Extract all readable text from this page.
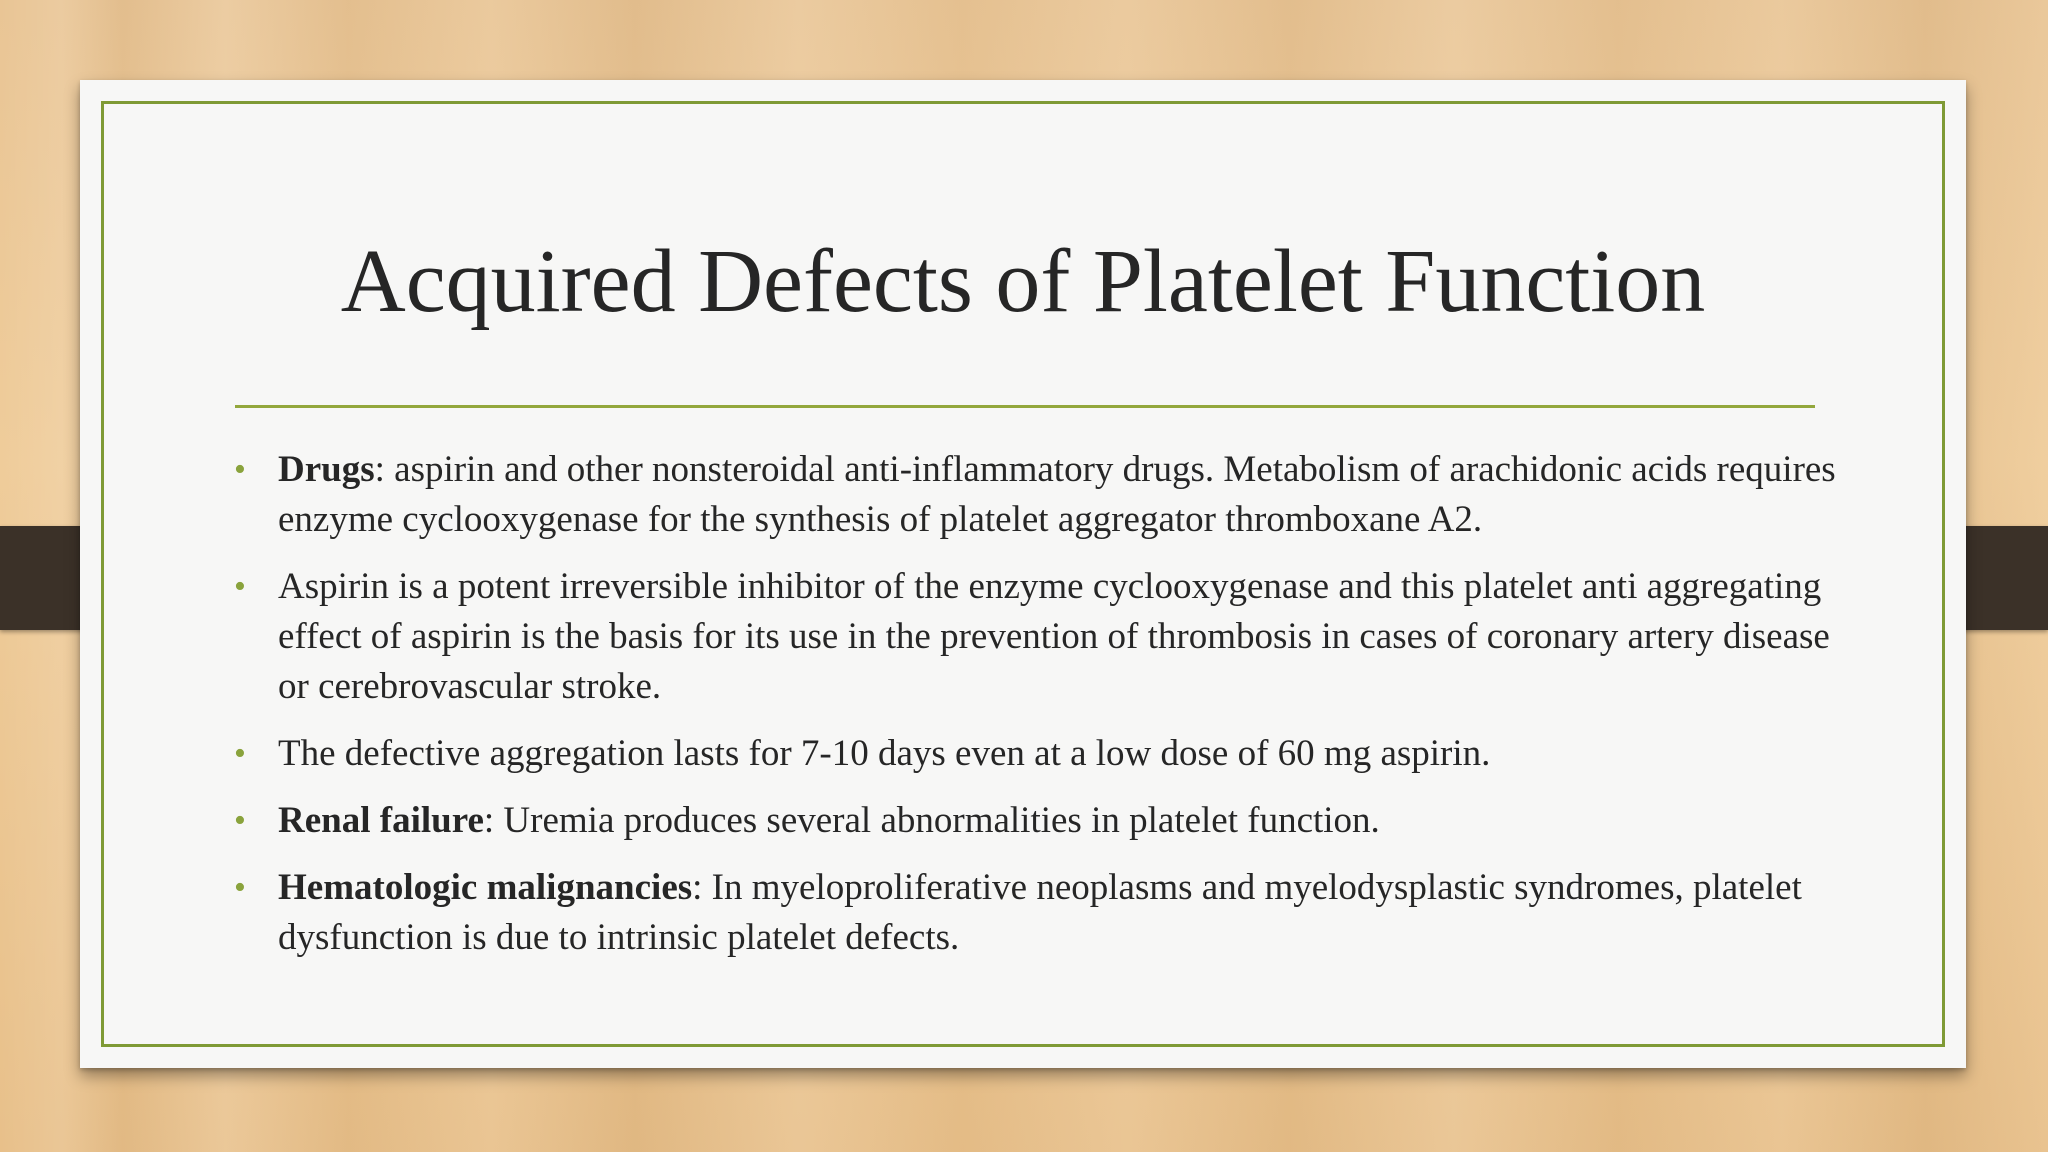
Acquired Defects of Platelet Function
• Drugs: aspirin and other nonsteroidal anti-inflammatory drugs. Metabolism of arachidonic acids requires enzyme cyclooxygenase for the synthesis of platelet aggregator thromboxane A2.
• Aspirin is a potent irreversible inhibitor of the enzyme cyclooxygenase and this platelet anti aggregating effect of aspirin is the basis for its use in the prevention of thrombosis in cases of coronary artery disease or cerebrovascular stroke.
• The defective aggregation lasts for 7-10 days even at a low dose of 60 mg aspirin.
• Renal failure: Uremia produces several abnormalities in platelet function.
• Hematologic malignancies: In myeloproliferative neoplasms and myelodysplastic syndromes, platelet dysfunction is due to intrinsic platelet defects.
